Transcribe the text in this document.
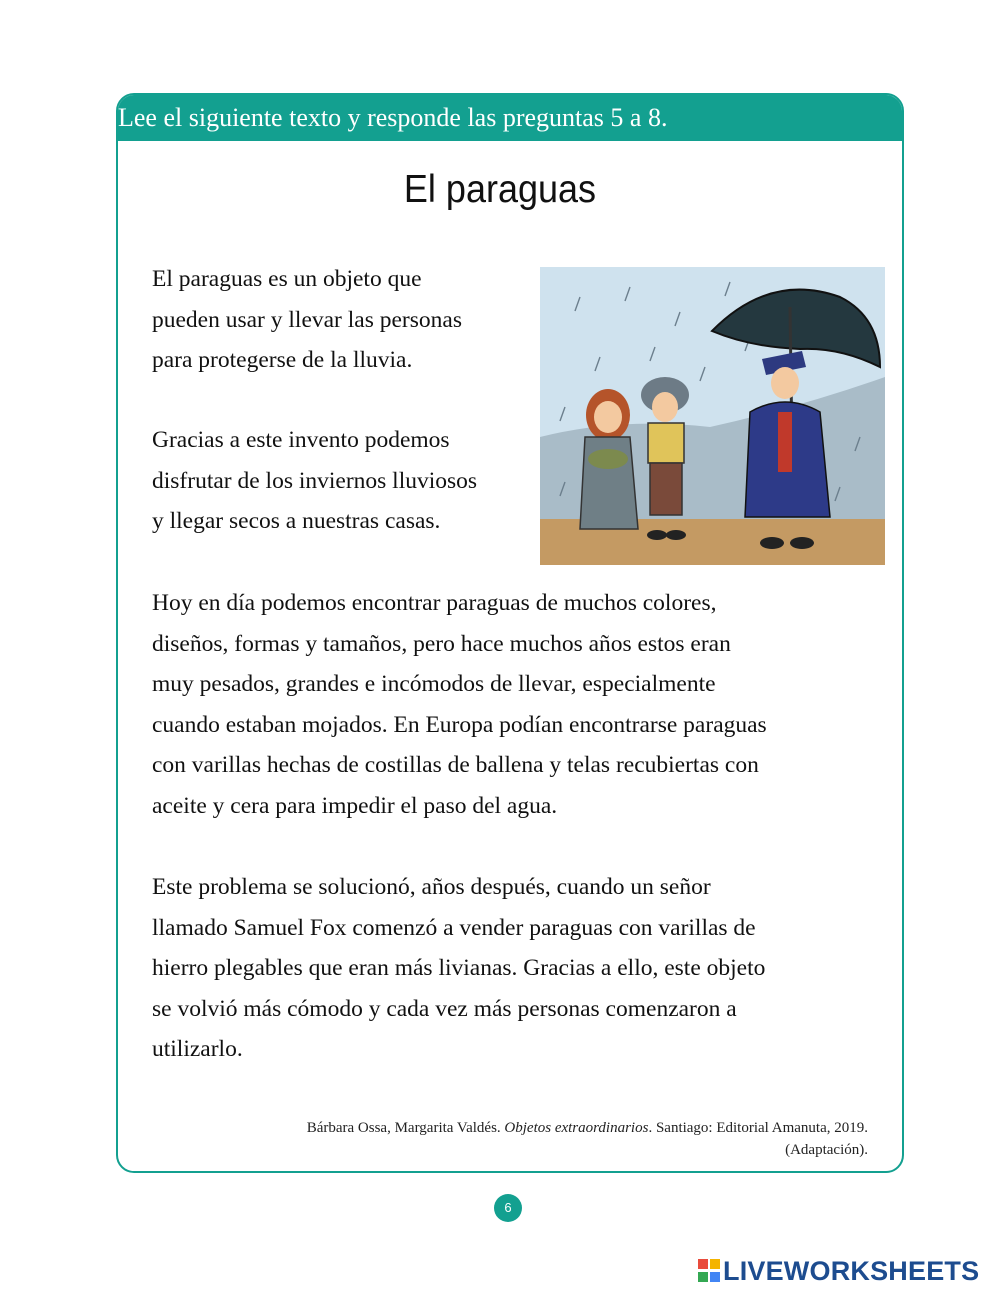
Lee el siguiente texto y responde las preguntas 5 a 8.
El paraguas

El paraguas es un objeto que
pueden usar y llevar las personas
para protegerse de la lluvia.

Gracias a este invento podemos
disfrutar de los inviernos lluviosos
y llegar secos a nuestras casas.

Hoy en día podemos encontrar paraguas de muchos colores,
diseños, formas y tamaños, pero hace muchos años estos eran
muy pesados, grandes e incómodos de llevar, especialmente
cuando estaban mojados. En Europa podían encontrarse paraguas
con varillas hechas de costillas de ballena y telas recubiertas con
aceite y cera para impedir el paso del agua.

Este problema se solucionó, años después, cuando un señor
llamado Samuel Fox comenzó a vender paraguas con varillas de
hierro plegables que eran más livianas. Gracias a ello, este objeto
se volvió más cómodo y cada vez más personas comenzaron a
utilizarlo.

Bárbara Ossa, Margarita Valdés. Objetos extraordinarios. Santiago: Editorial Amanuta, 2019.
(Adaptación).
6
LIVEWORKSHEETS
